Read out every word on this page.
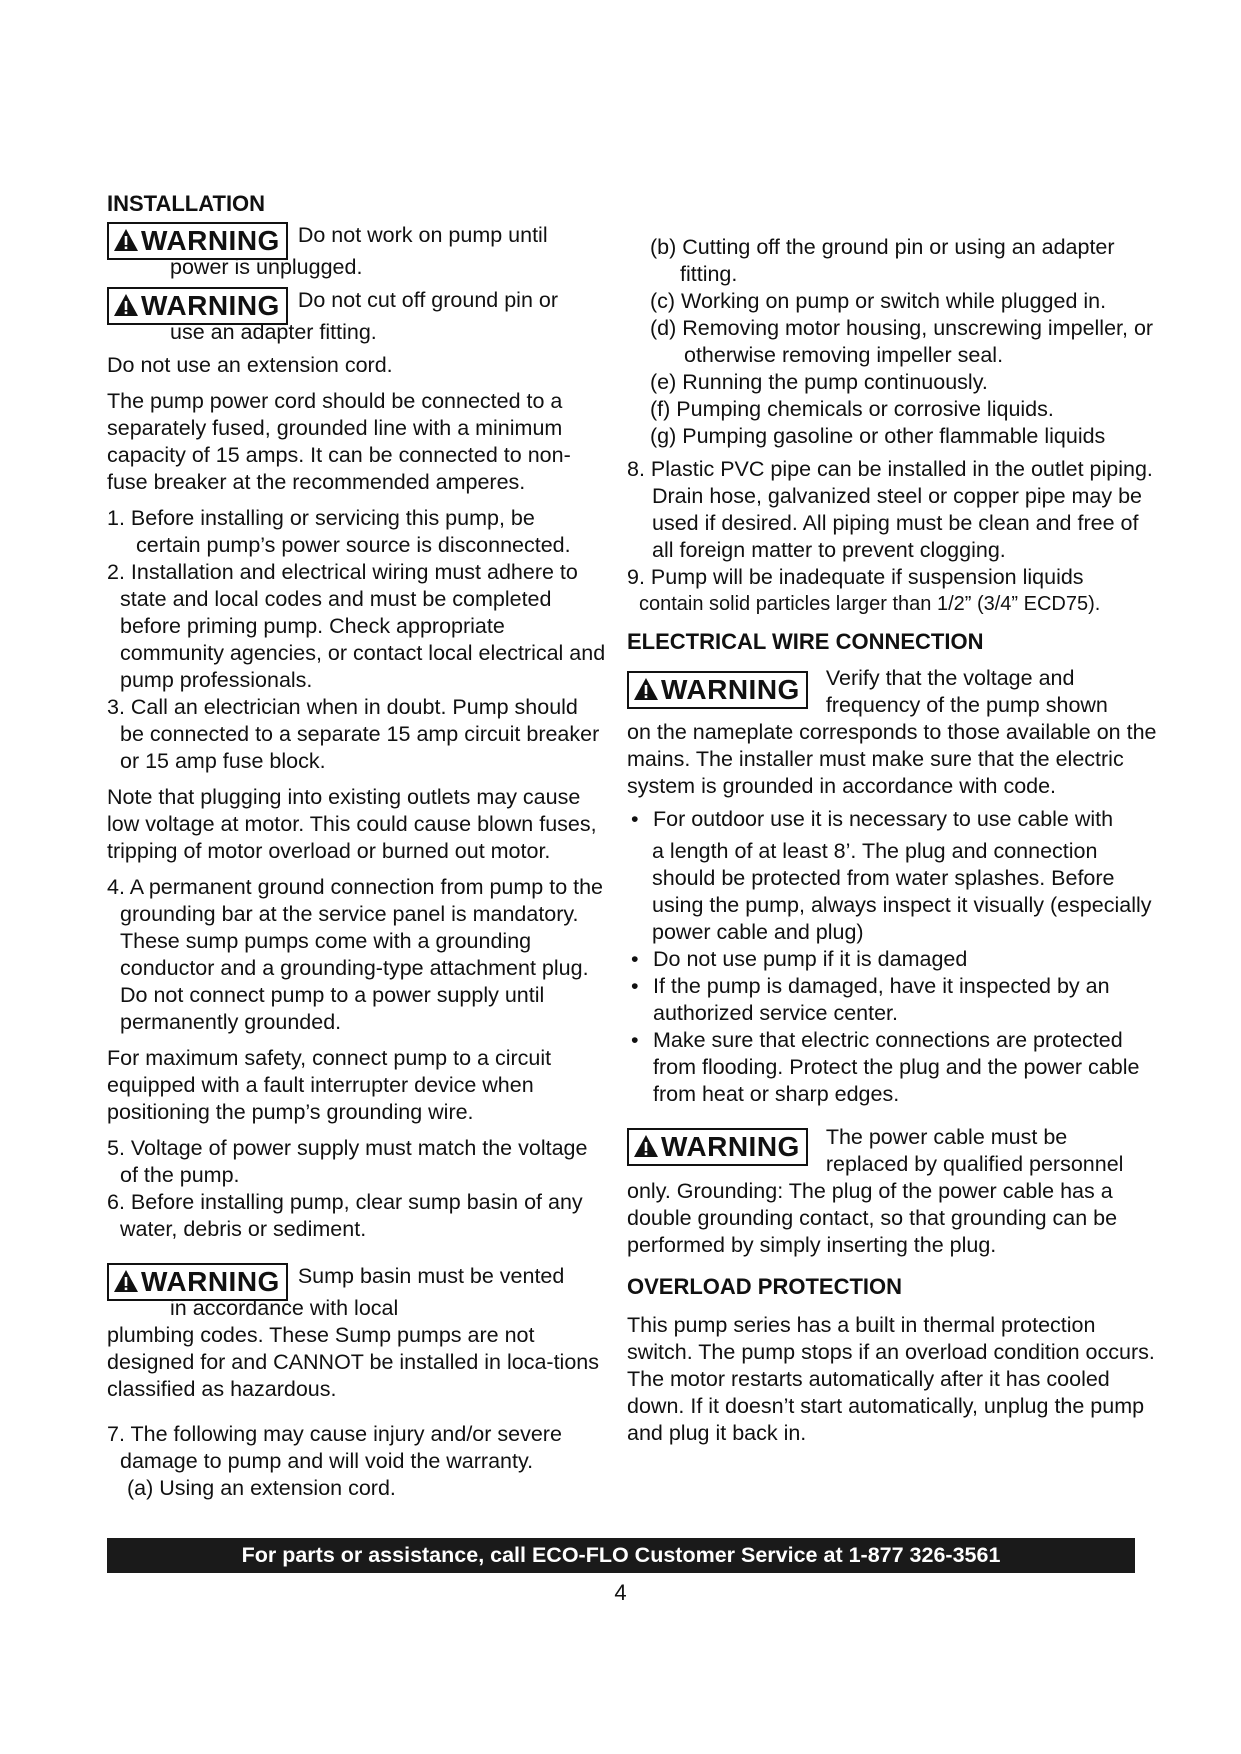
INSTALLATION
WARNING Do not work on pump until
power is unplugged.
WARNING Do not cut off ground pin or
use an adapter fitting.

Do not use an extension cord.

The pump power cord should be connected to a separately fused, grounded line with a minimum capacity of 15 amps. It can be connected to non-fuse breaker at the recommended amperes.

1. Before installing or servicing this pump, be
certain pump’s power source is disconnected.
2. Installation and electrical wiring must adhere to state and local codes and must be completed before priming pump. Check appropriate community agencies, or contact local electrical and pump professionals.
3. Call an electrician when in doubt. Pump should be connected to a separate 15 amp circuit breaker or 15 amp fuse block.

Note that plugging into existing outlets may cause low voltage at motor. This could cause blown fuses, tripping of motor overload or burned out motor.

4. A permanent ground connection from pump to the grounding bar at the service panel is mandatory. These sump pumps come with a grounding conductor and a grounding-type attachment plug. Do not connect pump to a power supply until permanently grounded.

For maximum safety, connect pump to a circuit equipped with a fault interrupter device when positioning the pump’s grounding wire.

5. Voltage of power supply must match the voltage of the pump.
6. Before installing pump, clear sump basin of any water, debris or sediment.
WARNING Sump basin must be vented
in accordance with local
plumbing codes. These Sump pumps are not designed for and CANNOT be installed in loca-tions classified as hazardous.
7. The following may cause injury and/or severe damage to pump and will void the warranty.
(a) Using an extension cord.
(b) Cutting off the ground pin or using an adapter fitting.
(c) Working on pump or switch while plugged in.
(d) Removing motor housing, unscrewing impeller, or otherwise removing impeller seal.
(e) Running the pump continuously.
(f) Pumping chemicals or corrosive liquids.
(g) Pumping gasoline or other flammable liquids
8. Plastic PVC pipe can be installed in the outlet piping. Drain hose, galvanized steel or copper pipe may be used if desired. All piping must be clean and free of all foreign matter to prevent clogging.
9. Pump will be inadequate if suspension liquids
contain solid particles larger than 1/2” (3/4” ECD75).
ELECTRICAL WIRE CONNECTION
WARNING	Verify that the voltage and
frequency of the pump shown
on the nameplate corresponds to those available on the mains. The installer must make sure that the electric system is grounded in accordance with code.
• For outdoor use it is necessary to use cable with
a length of at least 8’. The plug and connection should be protected from water splashes. Before using the pump, always inspect it visually (especially power cable and plug)
• Do not use pump if it is damaged
• If the pump is damaged, have it inspected by an authorized service center.
• Make sure that electric connections are protected from flooding. Protect the plug and the power cable from heat or sharp edges.
WARNING	The power cable must be
replaced by qualified personnel
only. Grounding: The plug of the power cable has a double grounding contact, so that grounding can be performed by simply inserting the plug.
OVERLOAD PROTECTION
This pump series has a built in thermal protection switch. The pump stops if an overload condition occurs. The motor restarts automatically after it has cooled down. If it doesn’t start automatically, unplug the pump and plug it back in.
For parts or assistance, call ECO-FLO Customer Service at 1-877 326-3561
4
